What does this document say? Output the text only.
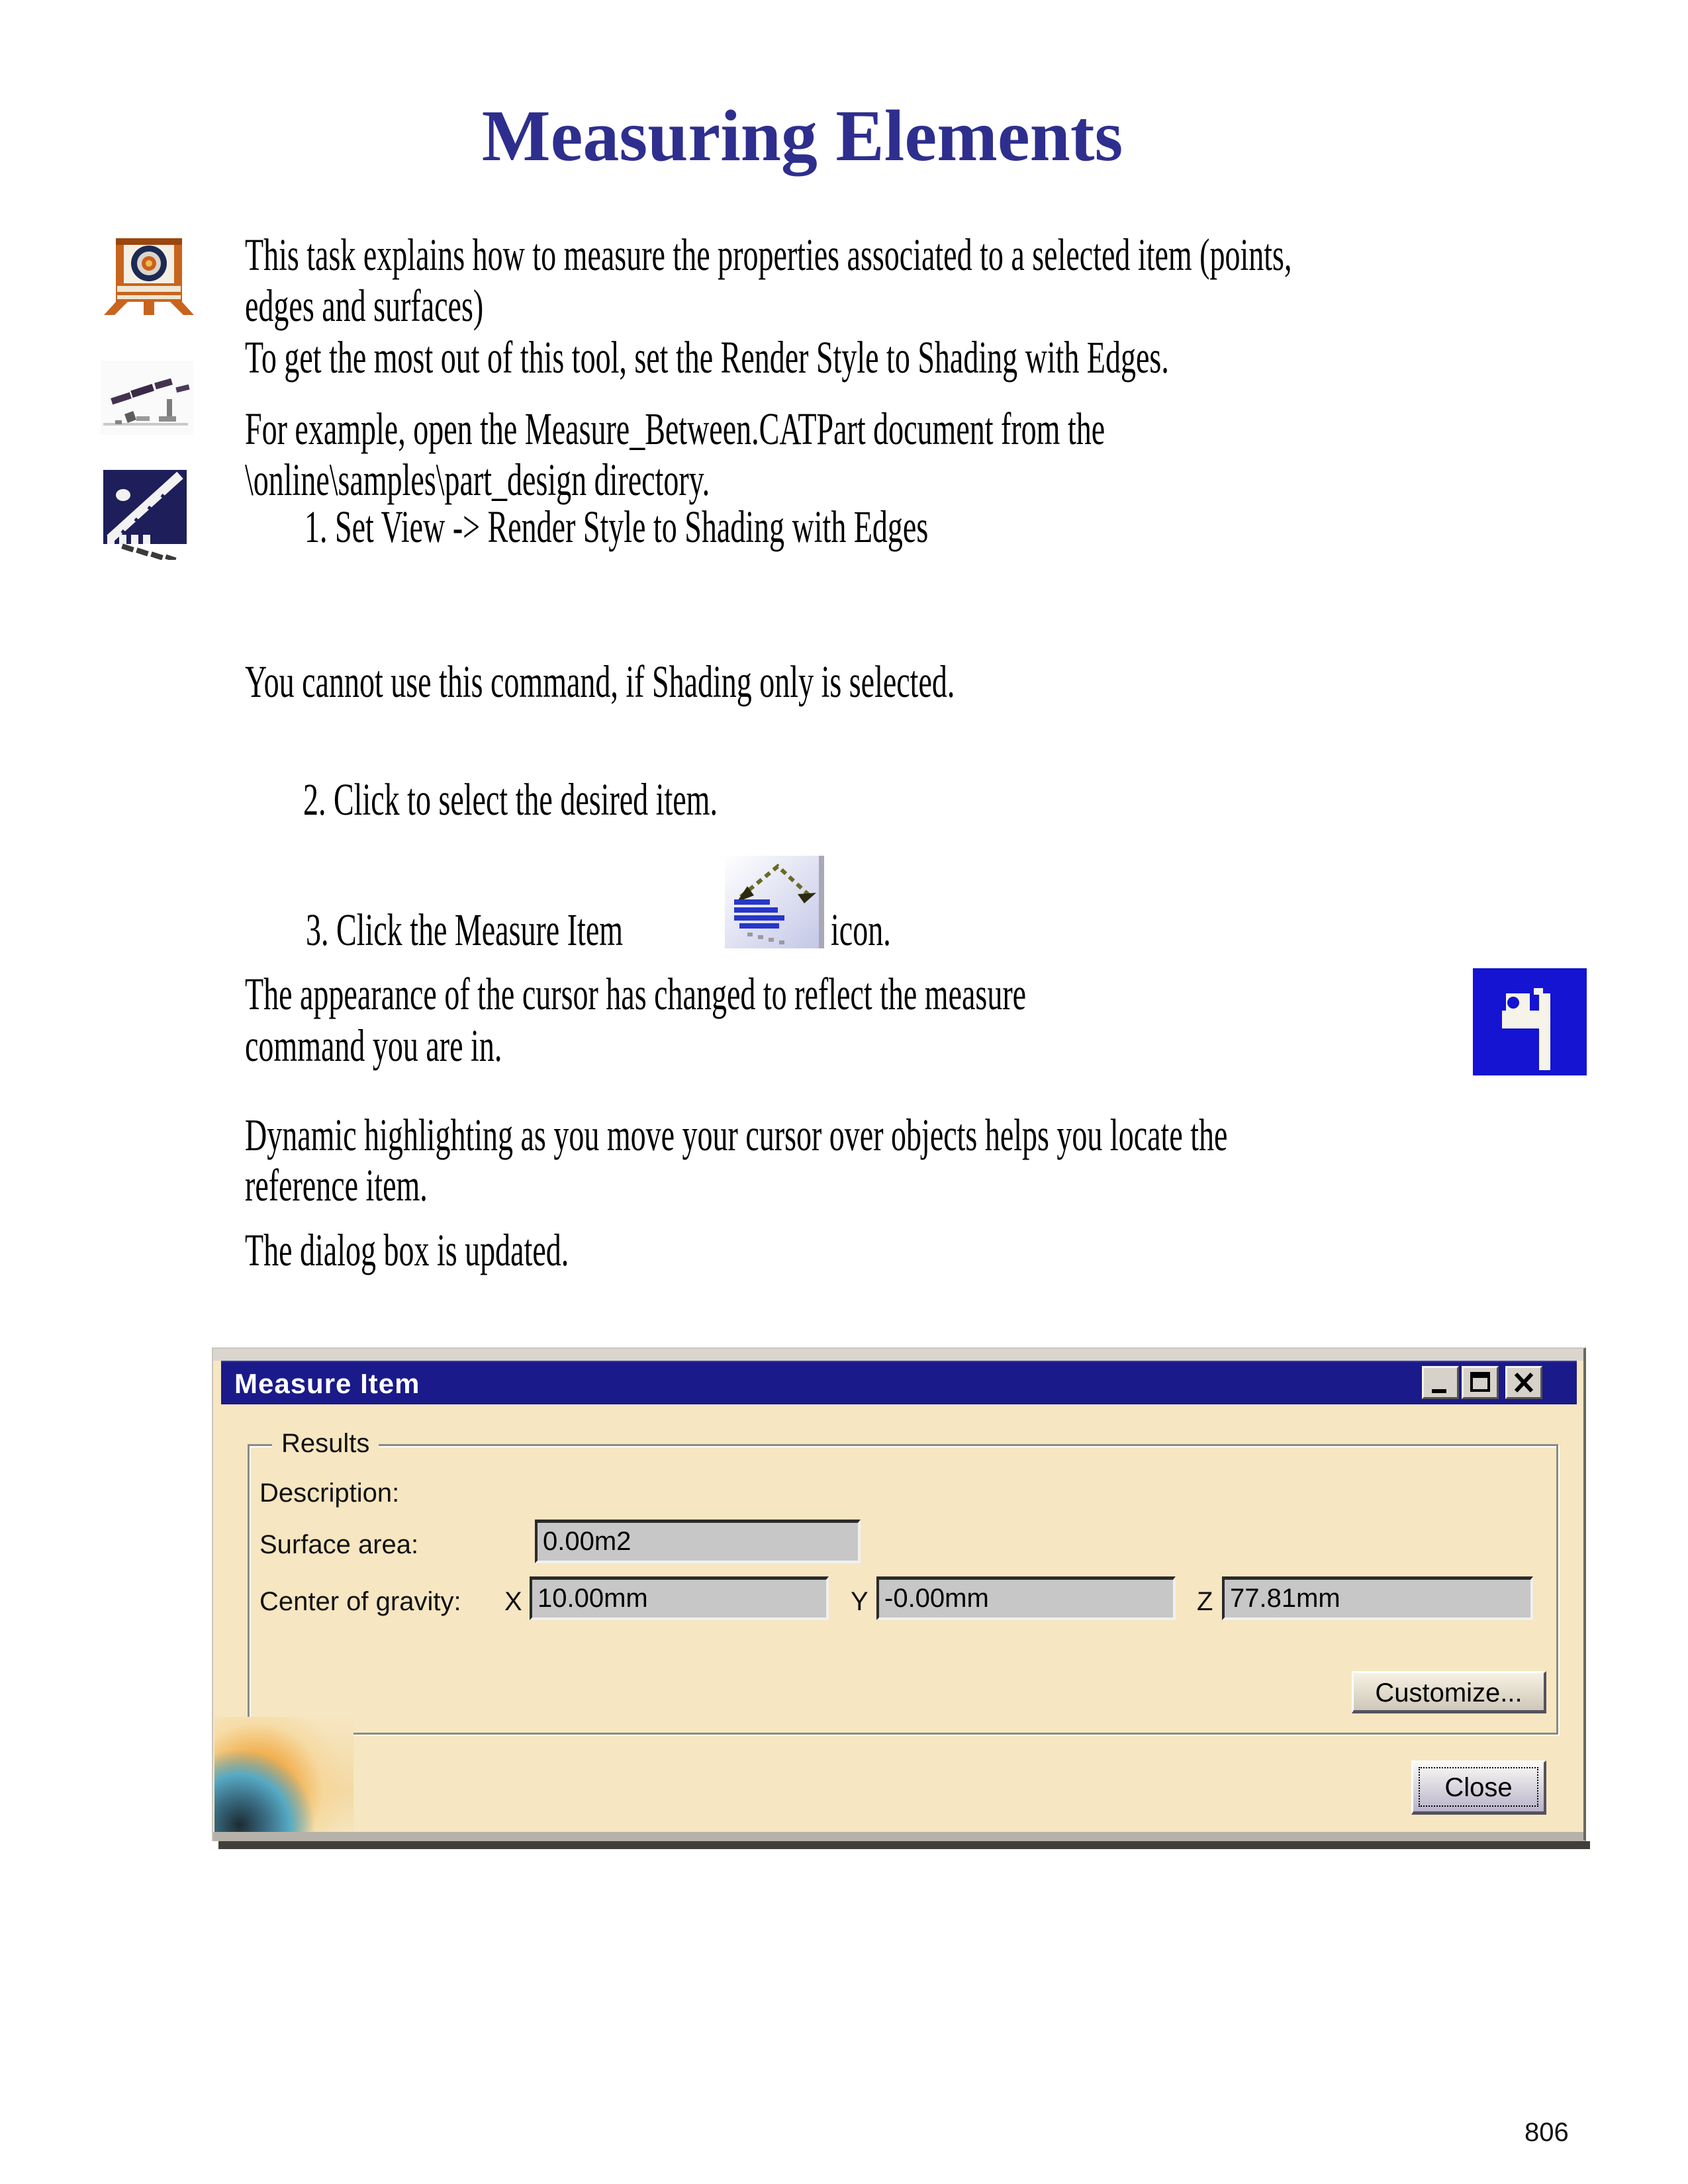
Measuring Elements
This task explains how to measure the properties associated to a selected item (points,
edges and surfaces)
To get the most out of this tool, set the Render Style to Shading with Edges.
For example, open the Measure_Between.CATPart document from the
\online\samples\part_design directory.
1. Set View -> Render Style to Shading with Edges
You cannot use this command, if Shading only is selected.
2. Click to select the desired item.
3. Click the Measure Item	icon.
The appearance of the cursor has changed to reflect the measure
command you are in.
Dynamic highlighting as you move your cursor over objects helps you locate the
reference item.
The dialog box is updated.
Measure Item
Results
Description:
Surface area:	0.00m2
Center of gravity: X 10.00mm	Y -0.00mm	Z 77.81mm
Customize...
Close
806
